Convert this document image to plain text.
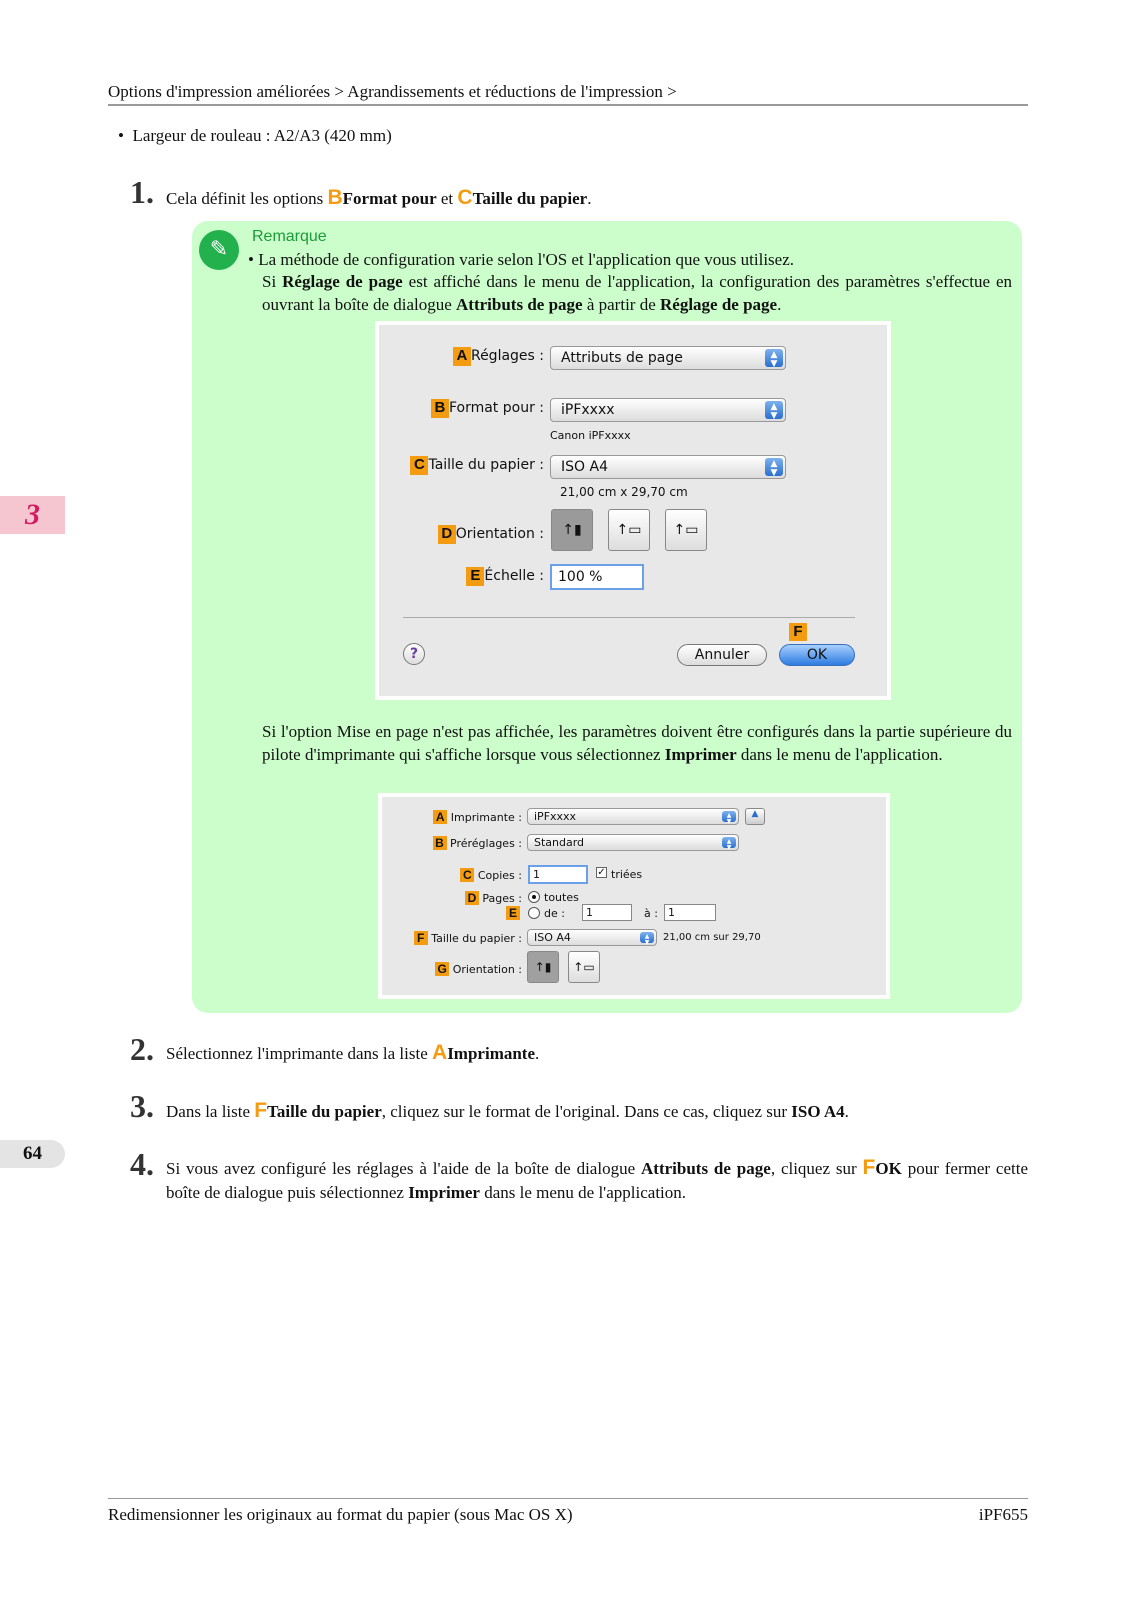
Options d'impression améliorées > Agrandissements et réductions de l'impression >
3
64
•  Largeur de rouleau : A2/A3 (420 mm)
1. Cela définit les options BFormat pour et CTaille du papier.
✎
Remarque
• La méthode de configuration varie selon l'OS et l'application que vous utilisez.
Si Réglage de page est affiché dans le menu de l'application, la configuration des paramètres s'effectue en ouvrant la boîte de dialogue Attributs de page à partir de Réglage de page.
A Réglages : Attributs de page	▲
▼
B Format pour : iPFxxxx	▲
▼
Canon iPFxxxx
C Taille du papier : ISO A4	▲
▼
21,00 cm x 29,70 cm
D Orientation :	↑▮	↑▭	↑▭
E Échelle :	100 %
?	Annuler
F
OK
Si l'option Mise en page n'est pas affichée, les paramètres doivent être configurés dans la partie supérieure du pilote d'imprimante qui s'affiche lorsque vous sélectionnez Imprimer dans le menu de l'application.
A Imprimante : iPFxxxx	▲
▼
▲
B Préréglages : Standard	▲
▼
C Copies :	1	✓ triées
D Pages : toutes
E de :	1	à : 1
F Taille du papier : ISO A4	▲
▼	21,00 cm sur 29,70
G Orientation :	↑▮	↑▭
2. Sélectionnez l'imprimante dans la liste AImprimante.
3. Dans la liste FTaille du papier, cliquez sur le format de l'original. Dans ce cas, cliquez sur ISO A4.
4. Si vous avez configuré les réglages à l'aide de la boîte de dialogue Attributs de page, cliquez sur FOK pour fermer cette boîte de dialogue puis sélectionnez Imprimer dans le menu de l'application.
Redimensionner les originaux au format du papier (sous Mac OS X)	iPF655
